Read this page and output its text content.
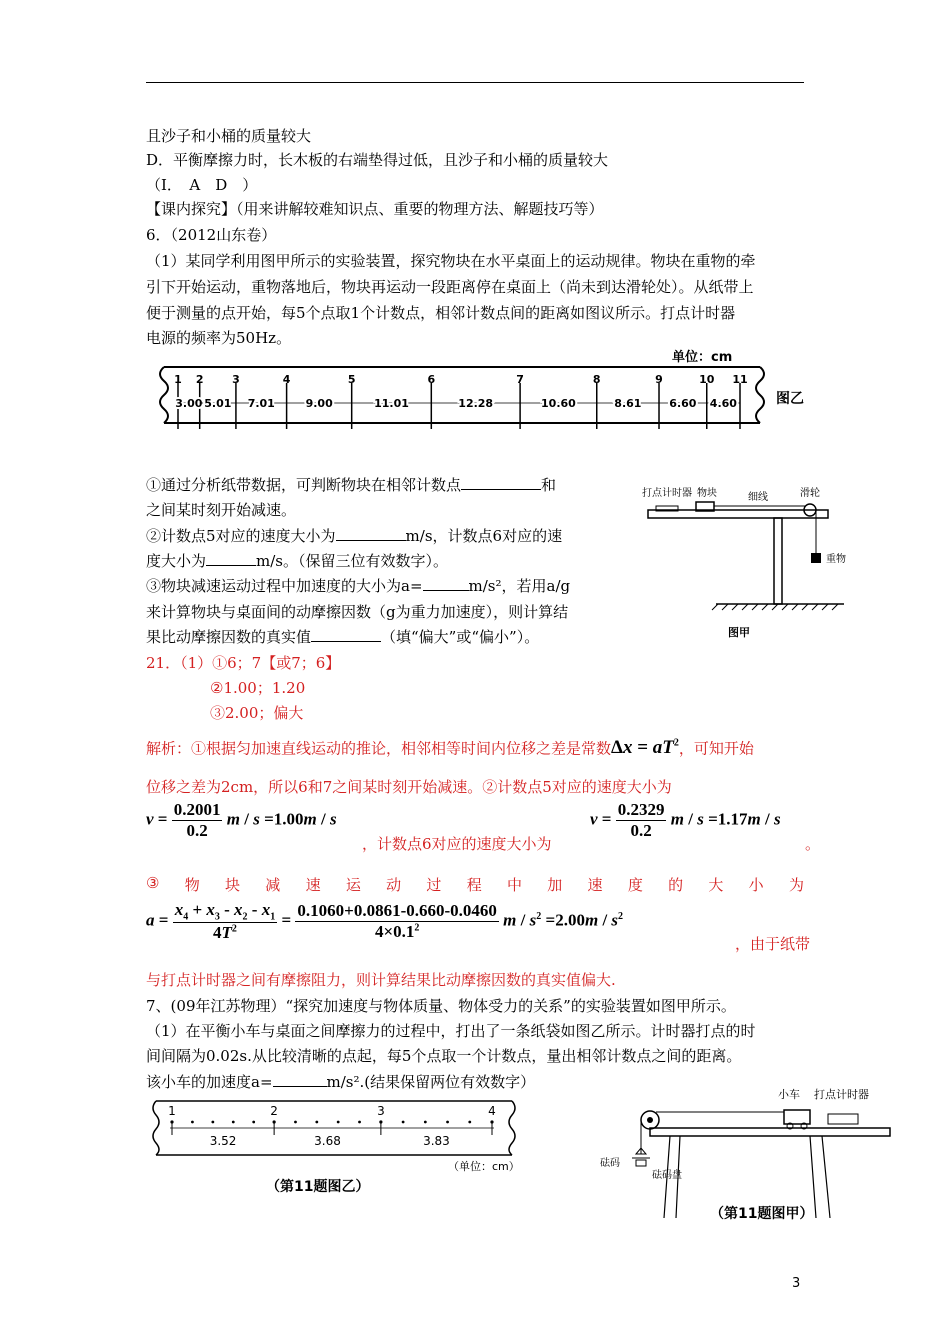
且沙子和小桶的质量较大
D．平衡摩擦力时，长木板的右端垫得过低，且沙子和小桶的质量较大
（Ⅰ．　A　D　）
【课内探究】（用来讲解较难知识点、重要的物理方法、解题技巧等）
6．（2012山东卷）
（1）某同学利用图甲所示的实验装置，探究物块在水平桌面上的运动规律。物块在重物的牵
引下开始运动，重物落地后，物块再运动一段距离停在桌面上（尚未到达滑轮处）。从纸带上
便于测量的点开始，每5个点取1个计数点，相邻计数点间的距离如图议所示。打点计时器
电源的频率为50Hz。
单位：cm
1 2	3	4	5	6	7	8	9	10 11
3.00 5.01 7.01	9.00	11.01	12.28	10.60	8.61	6.60 4.60	图乙
打点计时器 物块	细线	滑轮
重物
图甲
①通过分析纸带数据，可判断物块在相邻计数点	和
之间某时刻开始减速。
②计数点5对应的速度大小为	m/s，计数点6对应的速
度大小为	m/s。（保留三位有效数字）。
③物块减速运动过程中加速度的大小为a=	m/s²，若用a/g
来计算物块与桌面间的动摩擦因数（g为重力加速度），则计算结
果比动摩擦因数的真实值	（填“偏大”或“偏小”）。
21．（1）①6；7【或7；6】
②1.00；1.20
③2.00；偏大
解析：①根据匀加速直线运动的推论，相邻相等时间内位移之差是常数$\Delta x = aT^2$，可知开始
位移之差为2cm，所以6和7之间某时刻开始减速。②计数点5对应的速度大小为
$v = \frac{0.2001}{0.2}$ m / s =1.00m / s
，计数点6对应的速度大小为
$v = \frac{0.2329}{0.2}$ m / s =1.17m / s
。
③ 物 块 减 速 运 动 过 程 中 加 速 度 的 大 小 为
$a = \frac{x_4 + x_3 - x_2 - x_1}{4T^2} = \frac{0.1060+0.0861-0.660-0.0460}{4\times 0.1^2}$ $m / s^2 =2.00m / s^2$
，由于纸带
与打点计时器之间有摩擦阻力，则计算结果比动摩擦因数的真实值偏大.
7、(09年江苏物理）“探究加速度与物体质量、物体受力的关系”的实验装置如图甲所示。
（1）在平衡小车与桌面之间摩擦力的过程中，打出了一条纸袋如图乙所示。计时器打点的时
间间隔为0.02s.从比较清晰的点起，每5个点取一个计数点，量出相邻计数点之间的距离。
该小车的加速度a=	m/s².(结果保留两位有效数字）
1	2	3	4
3.52	3.68	3.83
（单位：cm）
（第11题图乙）
小车 打点计时器
砝码
砝码盘
（第11题图甲）
3
